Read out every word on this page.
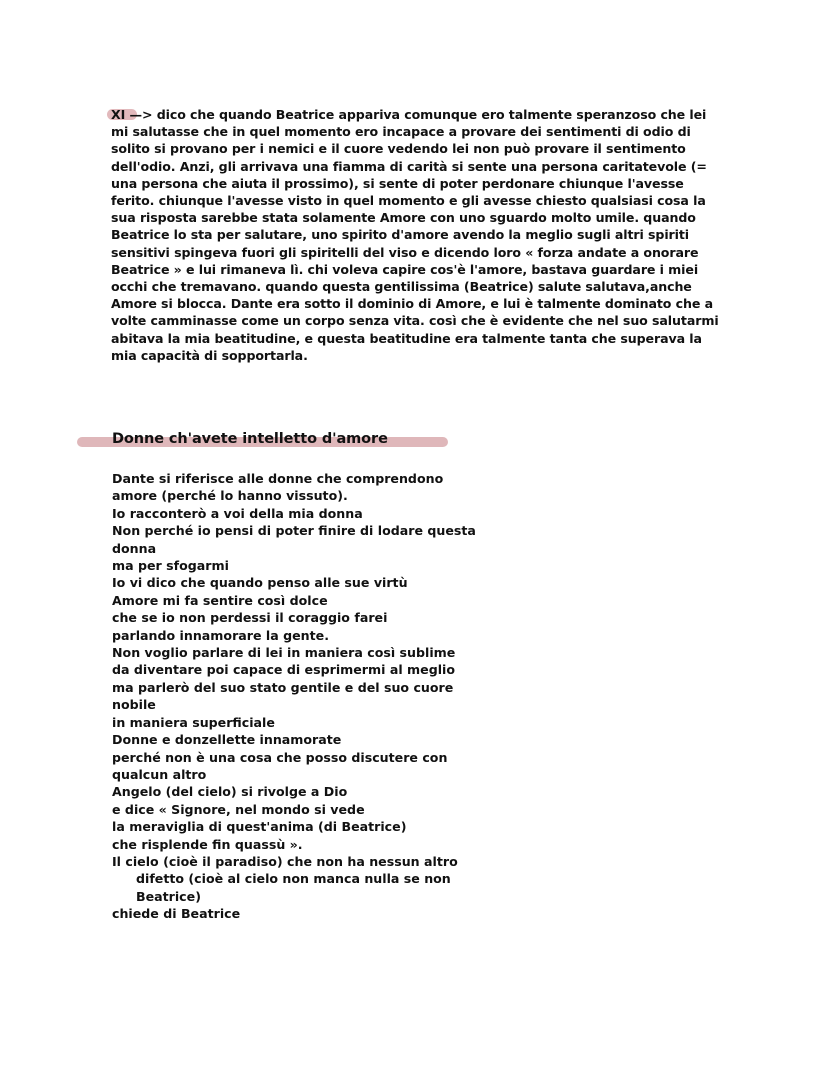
XI —> dico che quando Beatrice appariva comunque ero talmente speranzoso che lei mi salutasse che in quel momento ero incapace a provare dei sentimenti di odio di solito si provano per i nemici e il cuore vedendo lei non può provare il sentimento dell'odio. Anzi, gli arrivava una fiamma di carità si sente una persona caritatevole (= una persona che aiuta il prossimo), si sente di poter perdonare chiunque l'avesse ferito. chiunque l'avesse visto in quel momento e gli avesse chiesto qualsiasi cosa la sua risposta sarebbe stata solamente Amore con uno sguardo molto umile. quando Beatrice lo sta per salutare, uno spirito d'amore avendo la meglio sugli altri spiriti sensitivi spingeva fuori gli spiritelli del viso e dicendo loro « forza andate a onorare Beatrice » e lui rimaneva lì. chi voleva capire cos'è l'amore, bastava guardare i miei occhi che tremavano. quando questa gentilissima (Beatrice) salute salutava,anche Amore si blocca. Dante era sotto il dominio di Amore, e lui è talmente dominato che a volte camminasse come un corpo senza vita. così che è evidente che nel suo salutarmi abitava la mia beatitudine, e questa beatitudine era talmente tanta che superava la mia capacità di sopportarla.

Donne ch'avete intelletto d'amore
Dante si riferisce alle donne che comprendono
amore (perché lo hanno vissuto).
Io racconterò a voi della mia donna
Non perché io pensi di poter finire di lodare questa
donna
ma per sfogarmi
Io vi dico che quando penso alle sue virtù
Amore mi fa sentire così dolce
che se io non perdessi il coraggio farei
parlando innamorare la gente.
Non voglio parlare di lei in maniera così sublime
da diventare poi capace di esprimermi al meglio
ma parlerò del suo stato gentile e del suo cuore
nobile
in maniera superficiale
Donne e donzellette innamorate
perché non è una cosa che posso discutere con
qualcun altro
Angelo (del cielo) si rivolge a Dio
e dice « Signore, nel mondo si vede
la meraviglia di quest'anima (di Beatrice)
che risplende fin quassù ».
Il cielo (cioè il paradiso) che non ha nessun altro
difetto (cioè al cielo non manca nulla se non
Beatrice)
chiede di Beatrice
